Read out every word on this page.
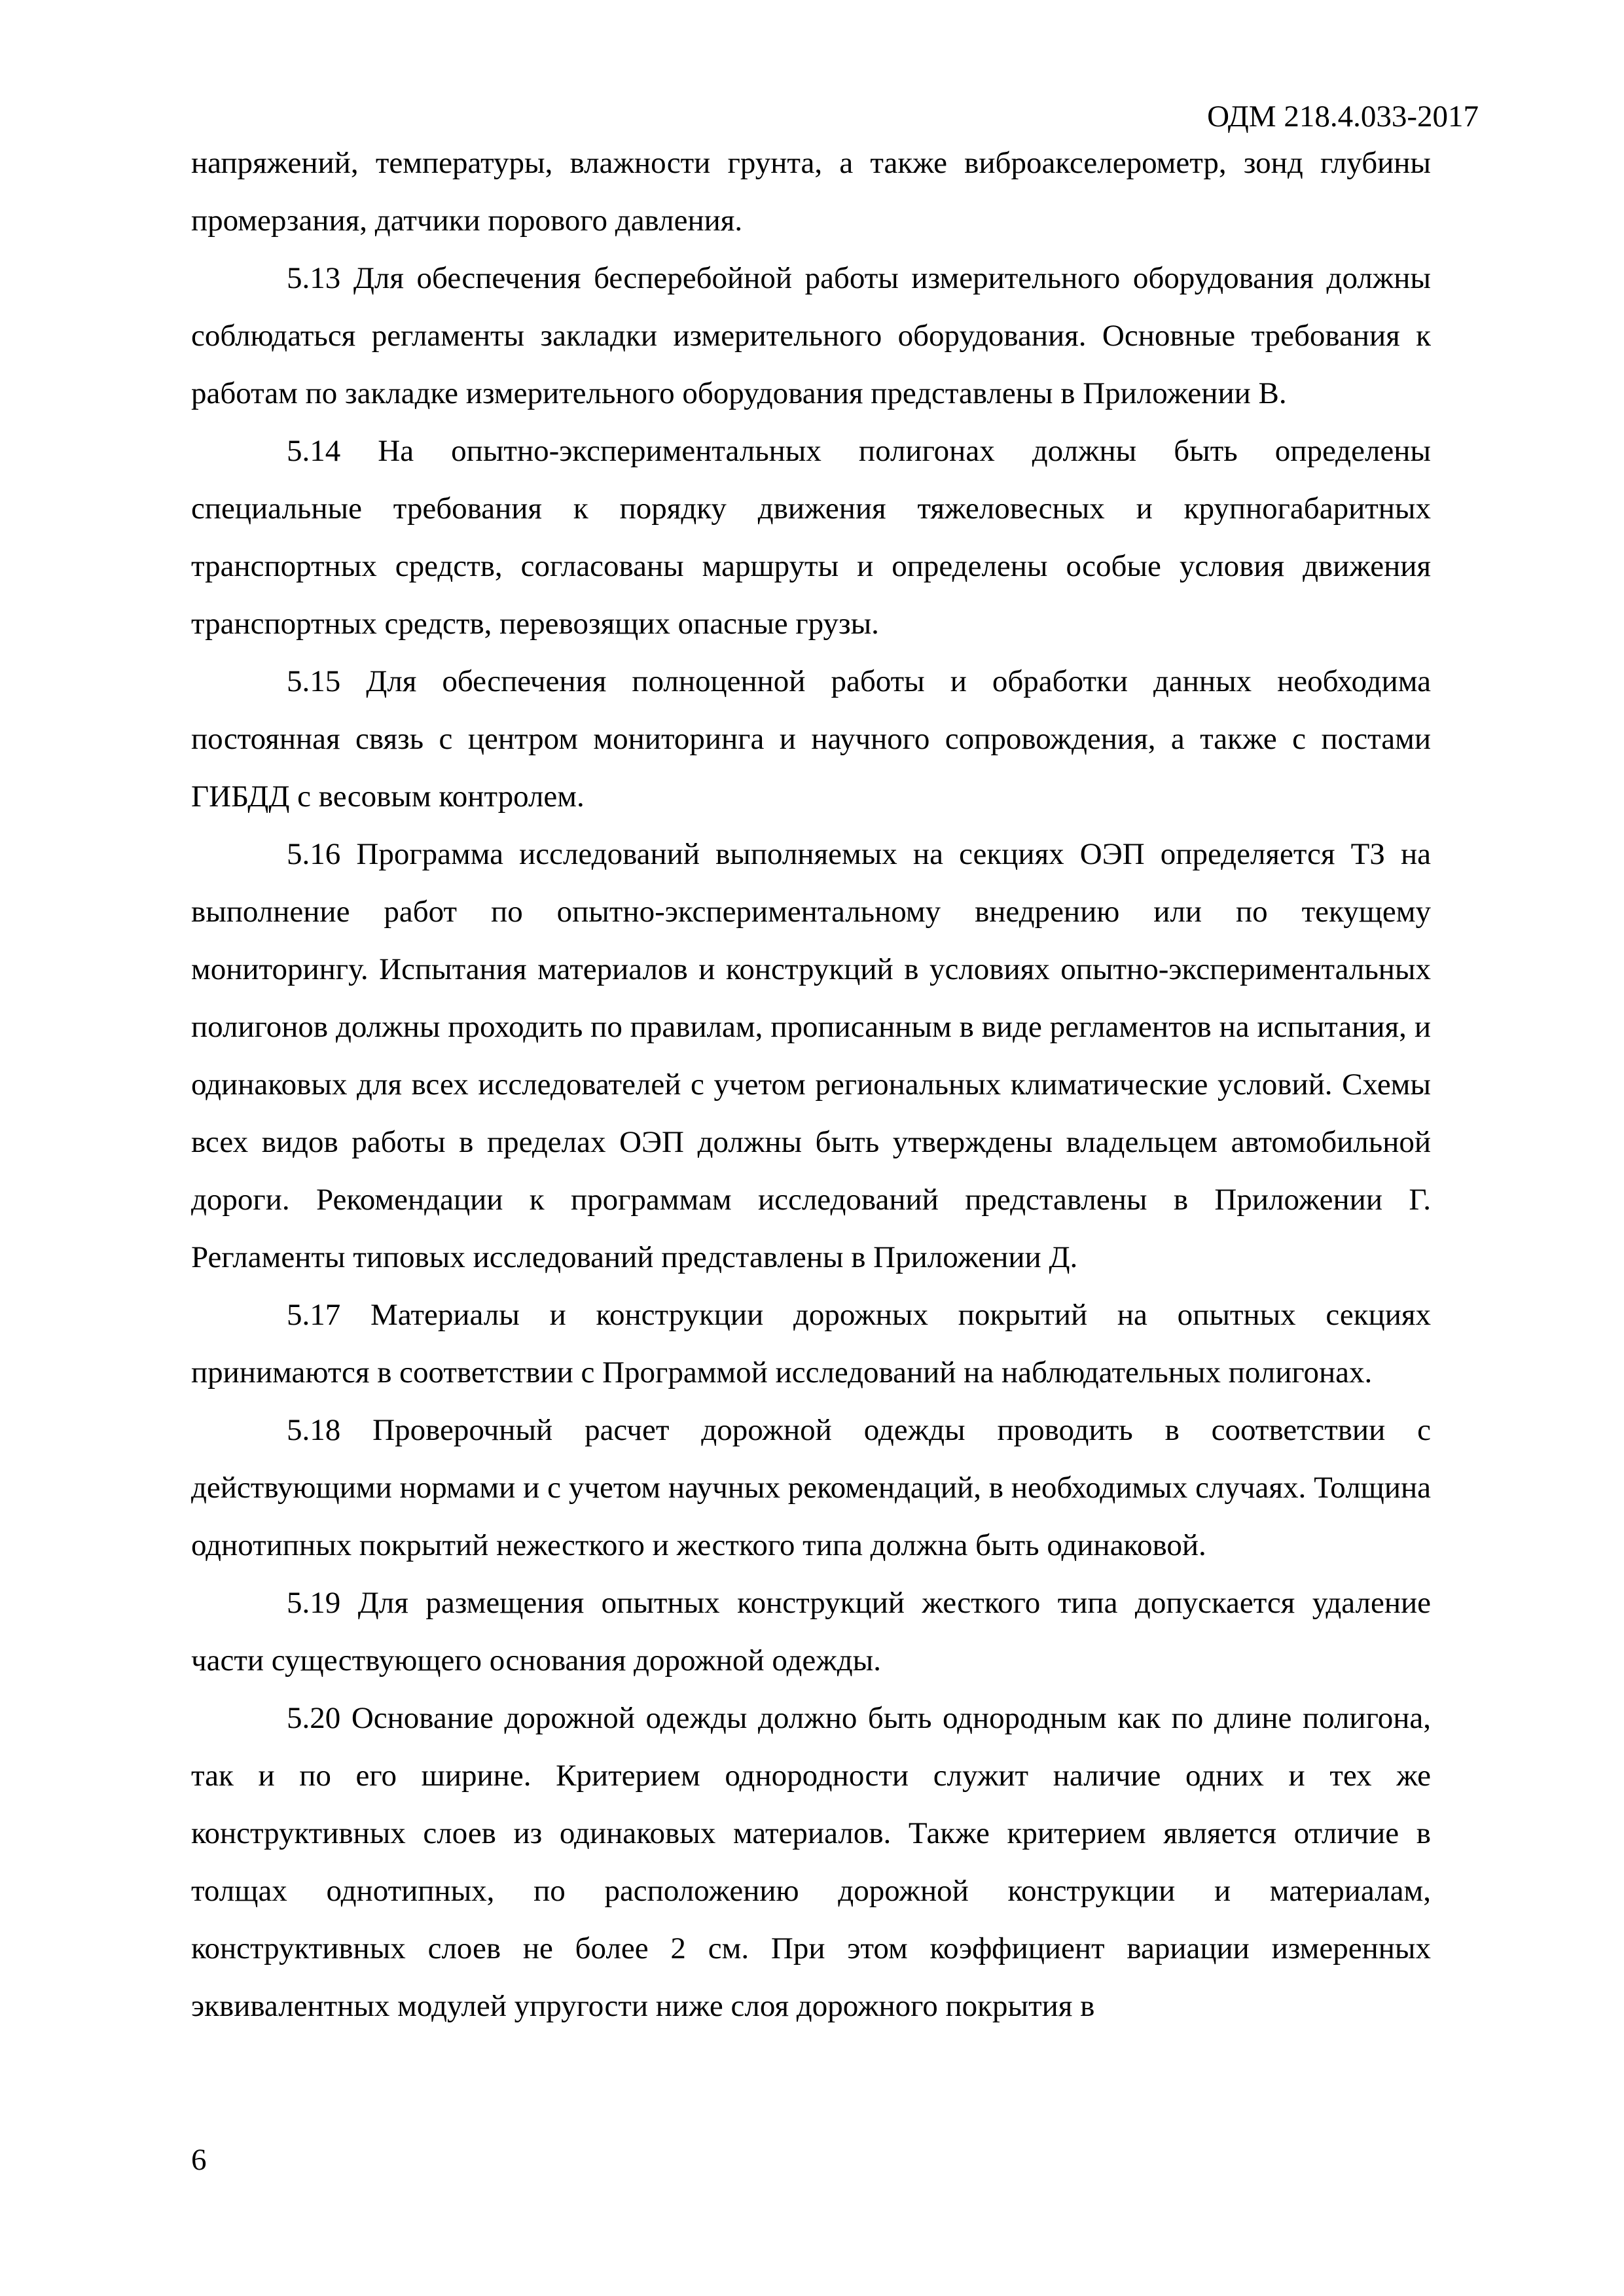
ОДМ 218.4.033-2017

напряжений, температуры, влажности грунта, а также виброакселерометр, зонд глубины промерзания, датчики порового давления.

5.13 Для обеспечения бесперебойной работы измерительного оборудования должны соблюдаться регламенты закладки измерительного оборудования. Основные требования к работам по закладке измерительного оборудования представлены в Приложении В.

5.14 На опытно-экспериментальных полигонах должны быть определены специальные требования к порядку движения тяжеловесных и крупногабаритных транспортных средств, согласованы маршруты и определены особые условия движения транспортных средств, перевозящих опасные грузы.

5.15 Для обеспечения полноценной работы и обработки данных необходима постоянная связь с центром мониторинга и научного сопровождения, а также с постами ГИБДД с весовым контролем.

5.16 Программа исследований выполняемых на секциях ОЭП определяется ТЗ на выполнение работ по опытно-экспериментальному внедрению или по текущему мониторингу. Испытания материалов и конструкций в условиях опытно-экспериментальных полигонов должны проходить по правилам, прописанным в виде регламентов на испытания, и одинаковых для всех исследователей с учетом региональных климатические условий. Схемы всех видов работы в пределах ОЭП должны быть утверждены владельцем автомобильной дороги. Рекомендации к программам исследований представлены в Приложении Г. Регламенты типовых исследований представлены в Приложении Д.

5.17 Материалы и конструкции дорожных покрытий на опытных секциях принимаются в соответствии с Программой исследований на наблюдательных полигонах.

5.18 Проверочный расчет дорожной одежды проводить в соответствии с действующими нормами и с учетом научных рекомендаций, в необходимых случаях. Толщина однотипных покрытий нежесткого и жесткого типа должна быть одинаковой.

5.19 Для размещения опытных конструкций жесткого типа допускается удаление части существующего основания дорожной одежды.

5.20 Основание дорожной одежды должно быть однородным как по длине полигона, так и по его ширине. Критерием однородности служит наличие одних и тех же конструктивных слоев из одинаковых материалов. Также критерием является отличие в толщах однотипных, по расположению дорожной конструкции и материалам, конструктивных слоев не более 2 см. При этом коэффициент вариации измеренных эквивалентных модулей упругости ниже слоя дорожного покрытия в

6
